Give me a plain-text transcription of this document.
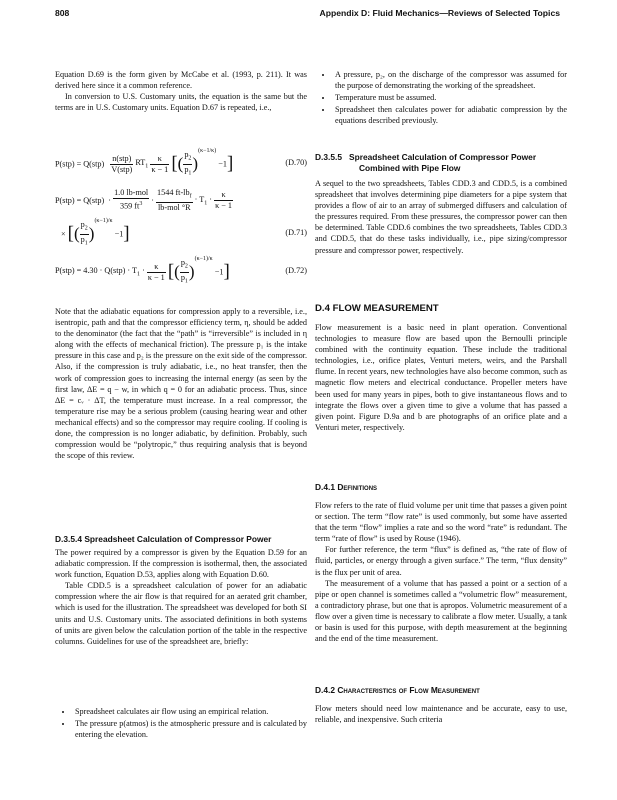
808	Appendix D: Fluid Mechanics—Reviews of Selected Topics

Equation D.69 is the form given by McCabe et al. (1993, p. 211). It was derived here since it a common reference.

In conversion to U.S. Customary units, the equation is the same but the terms are in U.S. Customary units. Equation D.67 is repeated, i.e.,

$P(stp) = Q(stp) \frac{\text{n(stp)}}{\text{V(stp)}} RT_1 \frac{\kappa}{\kappa - 1}$ [( $\frac{p_2}{p_1} )^{(\kappa-1/\kappa)} -1$]	(D.70)
$P(stp) = Q(stp) \cdot \frac{\text{1.0 lb-mol}}{359 ft^3} \cdot \frac{1544 ft-lb_f}{\text{lb-mol °R}} \cdot T_1 \cdot \frac{\kappa}{\kappa - 1}$
× [( $\frac{p_2}{p_1} )^{(\kappa-1)/\kappa} -1$]	(D.71)
$P(stp) = 4.30 \cdot Q(stp) \cdot T_1 \cdot \frac{\kappa}{\kappa - 1}$ [( $\frac{p_2}{p_1} )^{(\kappa-1)/\kappa} -1$]	(D.72)

Note that the adiabatic equations for compression apply to a reversible, i.e., isentropic, path and that the compressor efficiency term, η, should be added to the denominator (the fact that the “path” is “irreversible” is included in η along with the effects of mechanical friction). The pressure p₁ is the intake pressure in this case and p₂ is the pressure on the exit side of the compressor. Also, if the compression is truly adiabatic, i.e., no heat transfer, then the work of compression goes to increasing the internal energy (as seen by the first law, ΔE = q − w, in which q = 0 for an adiabatic process. Thus, since ΔE = cᵥ · ΔT, the temperature must increase. In a real compressor, the temperature rise may be a serious problem (causing hearing wear and other mechanical effects) and so the compressor may require cooling. If cooling is done, the compression is no longer adiabatic, by definition. Probably, such compression would be “polytropic,” thus requiring analysis that is beyond the scope of this review.

D.3.5.4 Spreadsheet Calculation of Compressor Power

The power required by a compressor is given by the Equation D.59 for an adiabatic compression. If the compression is isothermal, then, the associated work function, Equation D.53, applies along with Equation D.60.

Table CDD.5 is a spreadsheet calculation of power for an adiabatic compression where the air flow is that required for an aerated grit chamber, which is used for the illustration. The spreadsheet was developed for both SI units and U.S. Customary units. The associated definitions in both systems of units are given below the calculation portion of the table in the respective columns. Guidelines for use of the spreadsheet are, briefly:

• Spreadsheet calculates air flow using an empirical relation.
• The pressure p(atmos) is the atmospheric pressure and is calculated by entering the elevation.
• A pressure, p₂, on the discharge of the compressor was assumed for the purpose of demonstrating the working of the spreadsheet.
• Temperature must be assumed.
• Spreadsheet then calculates power for adiabatic compression by the equations described previously.
D.3.5.5 Spreadsheet Calculation of Compressor Power
Combined with Pipe Flow

A sequel to the two spreadsheets, Tables CDD.3 and CDD.5, is a combined spreadsheet that involves determining pipe diameters for a pipe system that provides a flow of air to an array of submerged diffusers and calculation of the pressures required. From these pressures, the compressor power can then be determined. Table CDD.6 combines the two spreadsheets, Tables CDD.3 and CDD.5, that do these tasks individually, i.e., pipe sizing/compressor pressure and compressor power, respectively.

D.4 FLOW MEASUREMENT

Flow measurement is a basic need in plant operation. Conventional technologies to measure flow are based upon the Bernoulli principle combined with the continuity equation. These include the traditional technologies, i.e., orifice plates, Venturi meters, weirs, and the Parshall flume. In recent years, new technologies have also become common, such as magnetic flow meters and electrical conductance. Propeller meters have been used for many years in pipes, both to give instantaneous flows and to integrate the flows over a given time to give a volume that has passed a given point. Figure D.9a and b are photographs of an orifice plate and a Venturi meter, respectively.

D.4.1 Definitions

Flow refers to the rate of fluid volume per unit time that passes a given point or section. The term “flow rate” is used commonly, but some have asserted that the term “flow” implies a rate and so the word “rate” is redundant. The term “rate of flow” is used by Rouse (1946).

For further reference, the term “flux” is defined as, “the rate of flow of fluid, particles, or energy through a given surface.” The term, “flux density” is the flux per unit of area.

The measurement of a volume that has passed a point or a section of a pipe or open channel is sometimes called a “volumetric flow” measurement, a contradictory phrase, but one that is apropos. Volumetric measurement of a flow over a given time is necessary to calibrate a flow meter. Usually, a tank or basin is used for this purpose, with depth measurement at the beginning and the end of the time measurement.

D.4.2 Characteristics of Flow Measurement

Flow meters should need low maintenance and be accurate, easy to use, reliable, and inexpensive. Such criteria
